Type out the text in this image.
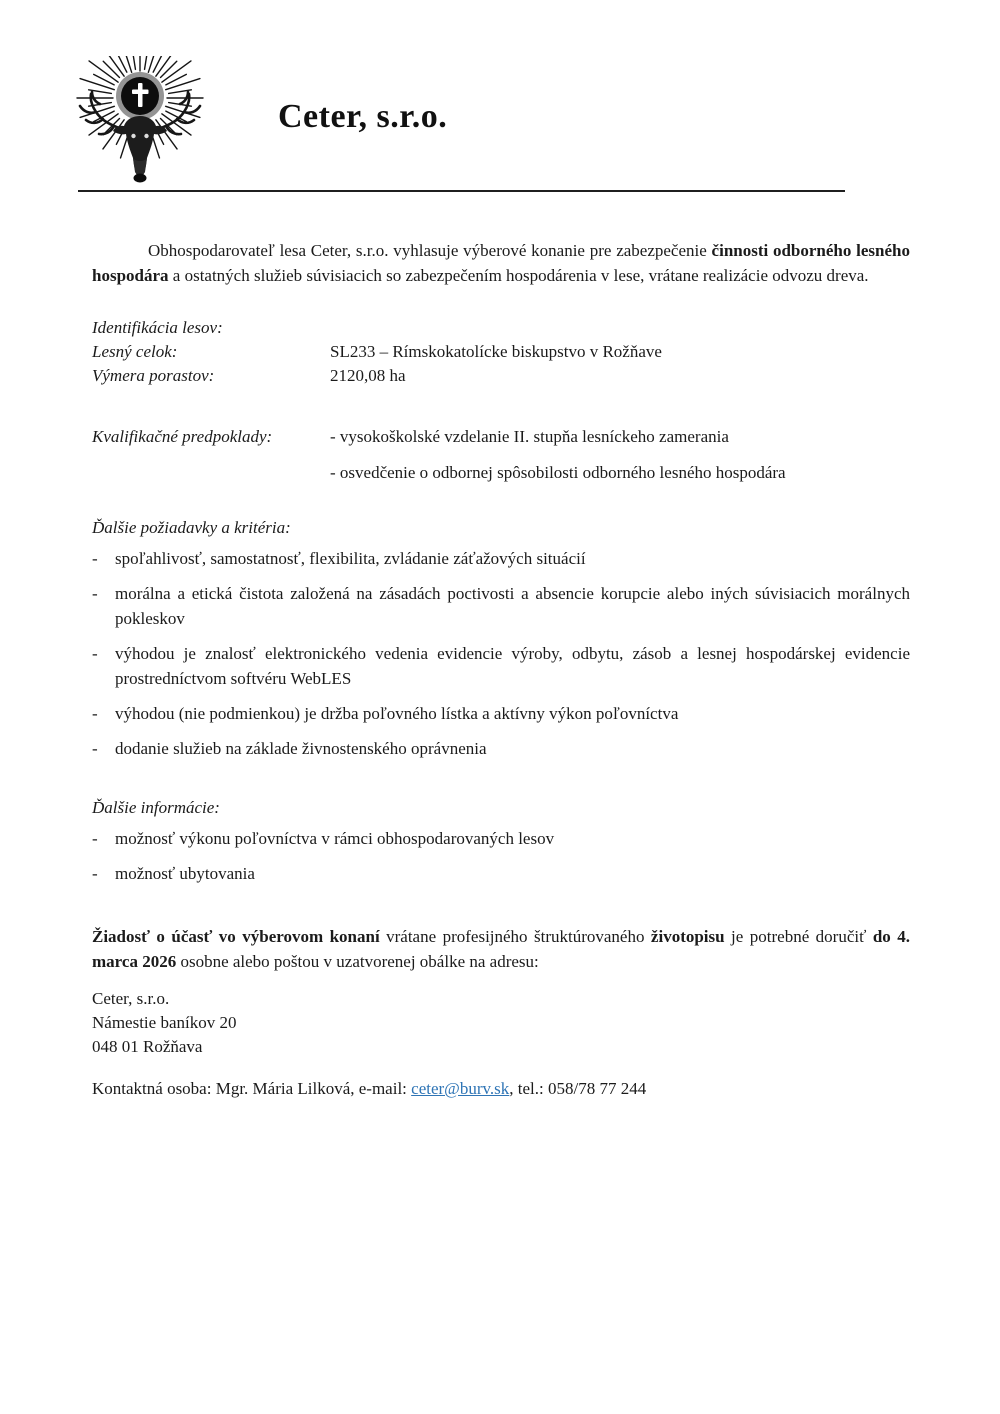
Ceter, s.r.o.

Obhospodarovateľ lesa Ceter, s.r.o. vyhlasuje výberové konanie pre zabezpečenie činnosti odborného lesného hospodára a ostatných služieb súvisiacich so zabezpečením hospodárenia v lese, vrátane realizácie odvozu dreva.

Identifikácia lesov:
Lesný celok:	SL233 – Rímskokatolícke biskupstvo v Rožňave
Výmera porastov:	2120,08 ha
Kvalifikačné predpoklady:	- vysokoškolské vzdelanie II. stupňa lesníckeho zamerania
- osvedčenie o odbornej spôsobilosti odborného lesného hospodára
Ďalšie požiadavky a kritéria:
-	spoľahlivosť, samostatnosť, flexibilita, zvládanie záťažových situácií
-	morálna a etická čistota založená na zásadách poctivosti a absencie korupcie alebo iných súvisiacich morálnych pokleskov
-	výhodou je znalosť elektronického vedenia evidencie výroby, odbytu, zásob a lesnej hospodárskej evidencie prostredníctvom softvéru WebLES
-	výhodou (nie podmienkou) je držba poľovného lístka a aktívny výkon poľovníctva
-	dodanie služieb na základe živnostenského oprávnenia
Ďalšie informácie:
-	možnosť výkonu poľovníctva v rámci obhospodarovaných lesov
-	možnosť ubytovania

Žiadosť o účasť vo výberovom konaní vrátane profesijného štruktúrovaného životopisu je potrebné doručiť do 4. marca 2026 osobne alebo poštou v uzatvorenej obálke na adresu:

Ceter, s.r.o.
Námestie baníkov 20
048 01 Rožňava
Kontaktná osoba: Mgr. Mária Lilková, e-mail: ceter@burv.sk, tel.: 058/78 77 244
